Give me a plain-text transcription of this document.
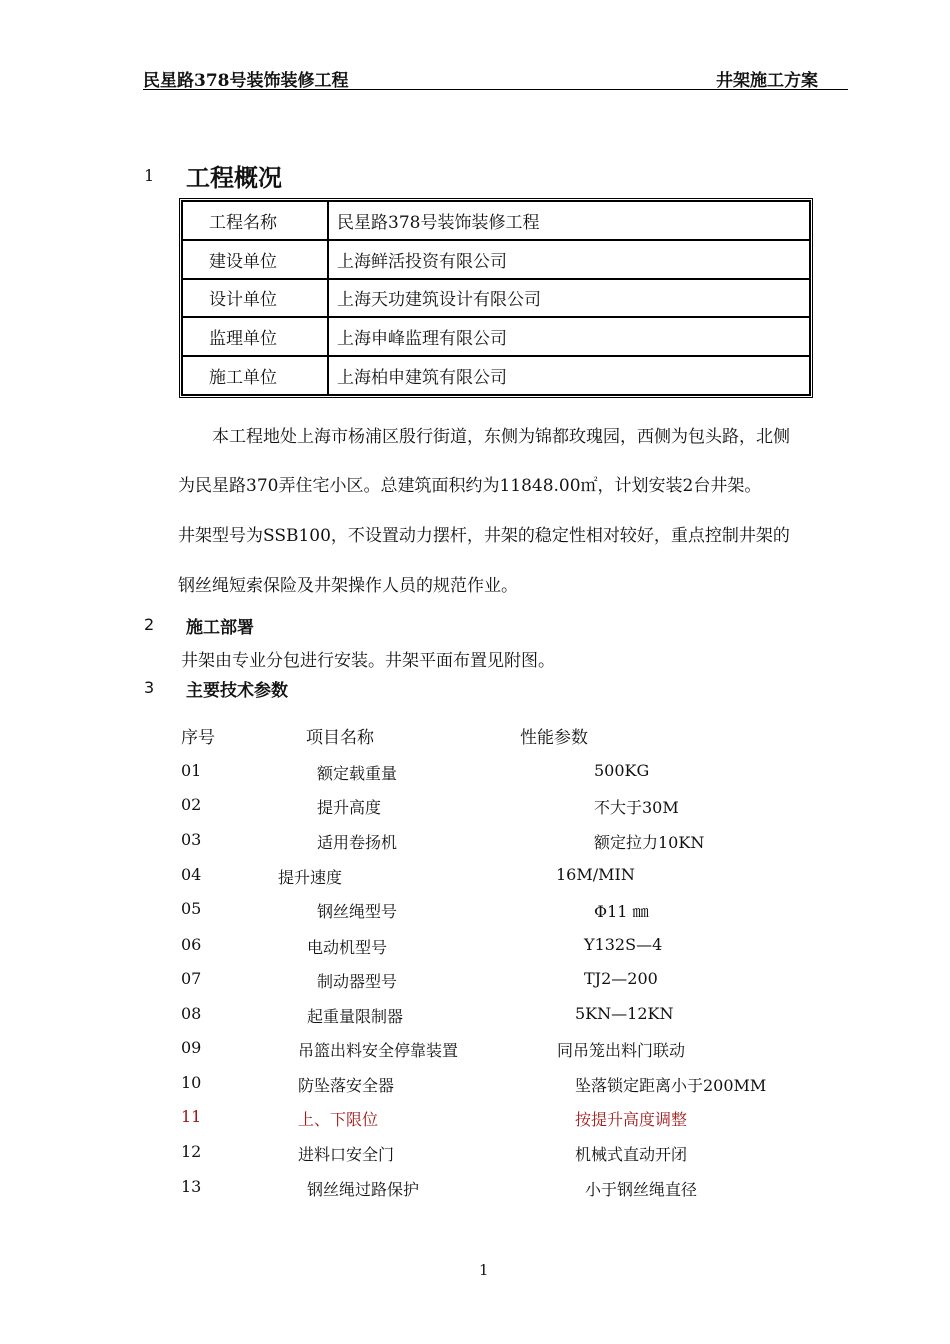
民星路378号装饰装修工程	井架施工方案
1 工程概况
工程名称	民星路378号装饰装修工程
建设单位	上海鲜活投资有限公司
设计单位	上海天功建筑设计有限公司
监理单位	上海申峰监理有限公司
施工单位	上海柏申建筑有限公司
本工程地处上海市杨浦区殷行街道，东侧为锦都玫瑰园，西侧为包头路，北侧
为民星路370弄住宅小区。总建筑面积约为11848.00㎡，计划安装2台井架。
井架型号为SSB100，不设置动力摆杆，井架的稳定性相对较好，重点控制井架的
钢丝绳短索保险及井架操作人员的规范作业。
2 施工部署
井架由专业分包进行安装。井架平面布置见附图。
3 主要技术参数
序号	项目名称	性能参数
01	额定载重量	500KG
02	提升高度	不大于30M
03	适用卷扬机	额定拉力10KN
04	提升速度	16M/MIN
05	钢丝绳型号	Φ11 ㎜
06	电动机型号	Y132S—4
07	制动器型号	TJ2—200
08	起重量限制器	5KN—12KN
09	吊篮出料安全停靠装置	同吊笼出料门联动
10	防坠落安全器	坠落锁定距离小于200MM
11	上、下限位	按提升高度调整
12	进料口安全门	机械式直动开闭
13	钢丝绳过路保护	小于钢丝绳直径
1
